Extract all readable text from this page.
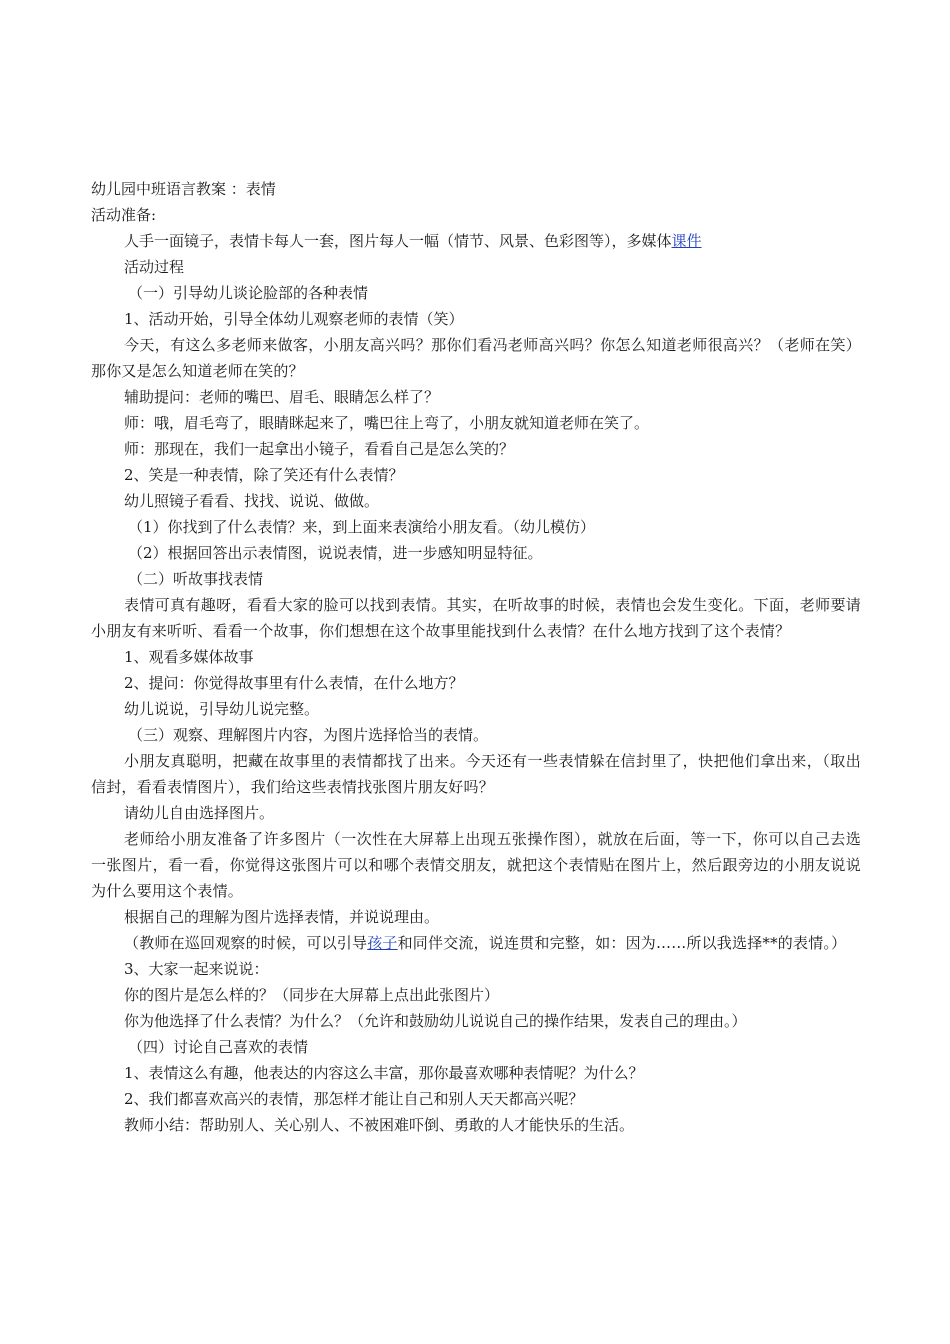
幼儿园中班语言教案 ：表情

活动准备:

人手一面镜子，表情卡每人一套，图片每人一幅（情节、风景、色彩图等），多媒体课件

活动过程

（一）引导幼儿谈论脸部的各种表情

1、活动开始，引导全体幼儿观察老师的表情（笑）

今天，有这么多老师来做客，小朋友高兴吗？那你们看冯老师高兴吗？你怎么知道老师很高兴？（老师在笑）那你又是怎么知道老师在笑的？

辅助提问：老师的嘴巴、眉毛、眼睛怎么样了？

师：哦，眉毛弯了，眼睛眯起来了，嘴巴往上弯了，小朋友就知道老师在笑了。

师：那现在，我们一起拿出小镜子，看看自己是怎么笑的？

2、笑是一种表情，除了笑还有什么表情？

幼儿照镜子看看、找找、说说、做做。

（1）你找到了什么表情？来，到上面来表演给小朋友看。（幼儿模仿）

（2）根据回答出示表情图，说说表情，进一步感知明显特征。

（二）听故事找表情

表情可真有趣呀，看看大家的脸可以找到表情。其实，在听故事的时候，表情也会发生变化。下面，老师要请小朋友有来听听、看看一个故事，你们想想在这个故事里能找到什么表情？在什么地方找到了这个表情？

1、观看多媒体故事

2、提问：你觉得故事里有什么表情，在什么地方？

幼儿说说，引导幼儿说完整。

（三）观察、理解图片内容，为图片选择恰当的表情。

小朋友真聪明，把藏在故事里的表情都找了出来。今天还有一些表情躲在信封里了，快把他们拿出来，（取出信封，看看表情图片），我们给这些表情找张图片朋友好吗？

请幼儿自由选择图片。

老师给小朋友准备了许多图片（一次性在大屏幕上出现五张操作图），就放在后面，等一下，你可以自己去选一张图片，看一看，你觉得这张图片可以和哪个表情交朋友，就把这个表情贴在图片上，然后跟旁边的小朋友说说为什么要用这个表情。

根据自己的理解为图片选择表情，并说说理由。

（教师在巡回观察的时候，可以引导孩子和同伴交流，说连贯和完整，如：因为……所以我选择**的表情。）

3、大家一起来说说：

你的图片是怎么样的？（同步在大屏幕上点出此张图片）

你为他选择了什么表情？为什么？（允许和鼓励幼儿说说自己的操作结果，发表自己的理由。）

（四）讨论自己喜欢的表情

1、表情这么有趣，他表达的内容这么丰富，那你最喜欢哪种表情呢？为什么？

2、我们都喜欢高兴的表情，那怎样才能让自己和别人天天都高兴呢？

教师小结：帮助别人、关心别人、不被困难吓倒、勇敢的人才能快乐的生活。
